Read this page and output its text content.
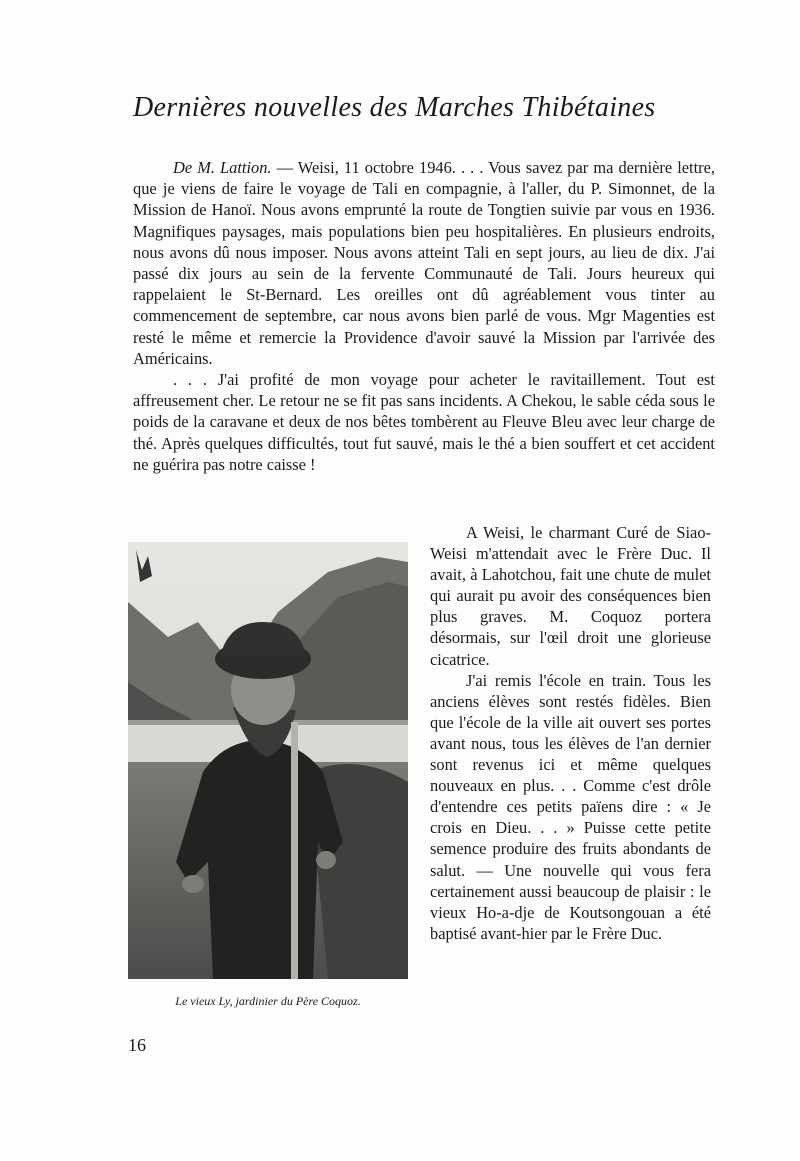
Dernières nouvelles des Marches Thibétaines

De M. Lattion. — Weisi, 11 octobre 1946. . . . Vous savez par ma dernière lettre, que je viens de faire le voyage de Tali en compagnie, à l'aller, du P. Simonnet, de la Mission de Hanoï. Nous avons emprunté la route de Tongtien suivie par vous en 1936. Magnifiques paysages, mais populations bien peu hospitalières. En plusieurs endroits, nous avons dû nous imposer. Nous avons atteint Tali en sept jours, au lieu de dix. J'ai passé dix jours au sein de la fervente Communauté de Tali. Jours heureux qui rappelaient le St-Bernard. Les oreilles ont dû agréablement vous tinter au commencement de septembre, car nous avons bien parlé de vous. Mgr Magenties est resté le même et remercie la Providence d'avoir sauvé la Mission par l'arrivée des Américains.

. . . J'ai profité de mon voyage pour acheter le ravitaillement. Tout est affreusement cher. Le retour ne se fit pas sans incidents. A Chekou, le sable céda sous le poids de la caravane et deux de nos bêtes tombèrent au Fleuve Bleu avec leur charge de thé. Après quelques difficultés, tout fut sauvé, mais le thé a bien souffert et cet accident ne guérira pas notre caisse !

Le vieux Ly, jardinier du Père Coquoz.

A Weisi, le charmant Curé de Siao-Weisi m'attendait avec le Frère Duc. Il avait, à Lahotchou, fait une chute de mulet qui aurait pu avoir des conséquences bien plus graves. M. Coquoz portera désormais, sur l'œil droit une glorieuse cicatrice.

J'ai remis l'école en train. Tous les anciens élèves sont restés fidèles. Bien que l'école de la ville ait ouvert ses portes avant nous, tous les élèves de l'an dernier sont revenus ici et même quelques nouveaux en plus. . . Comme c'est drôle d'entendre ces petits païens dire : « Je crois en Dieu. . . » Puisse cette petite semence produire des fruits abondants de salut. — Une nouvelle qui vous fera certainement aussi beaucoup de plaisir : le vieux Ho-a-dje de Koutsongouan a été baptisé avant-hier par le Frère Duc.

16
